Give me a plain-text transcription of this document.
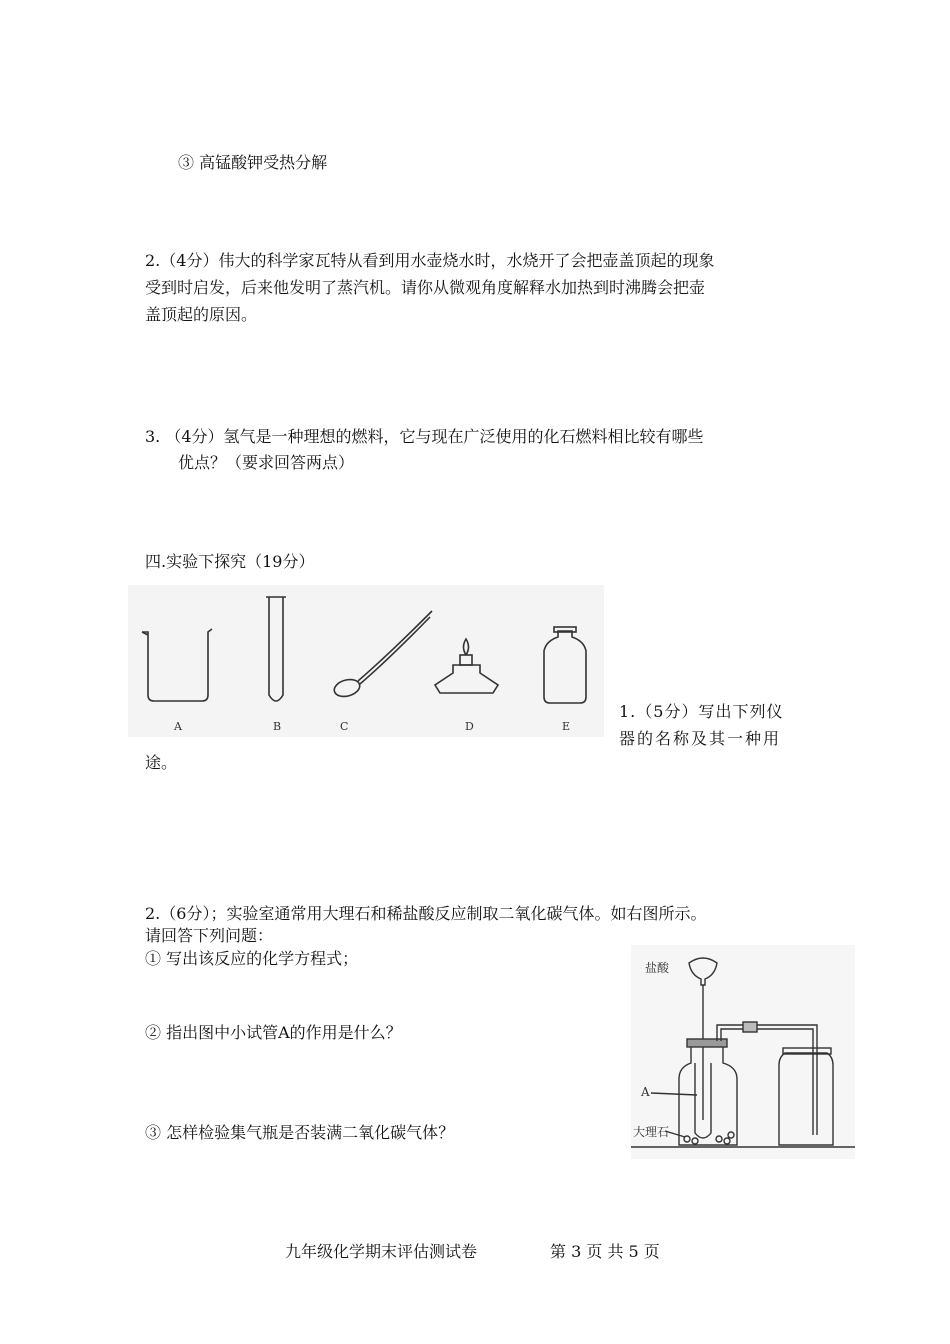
③ 高锰酸钾受热分解
2.（4分）伟大的科学家瓦特从看到用水壶烧水时，水烧开了会把壶盖顶起的现象
受到时启发，后来他发明了蒸汽机。请你从微观角度解释水加热到时沸腾会把壶
盖顶起的原因。
3. （4分）氢气是一种理想的燃料，它与现在广泛使用的化石燃料相比较有哪些
优点？（要求回答两点）
四.实验下探究（19分）
A	B	C	D	E
1.（5分）写出下列仪
器的名称及其一种用
途。
2.（6分）；实验室通常用大理石和稀盐酸反应制取二氧化碳气体。如右图所示。
请回答下列问题：
① 写出该反应的化学方程式；
② 指出图中小试管A的作用是什么？
③ 怎样检验集气瓶是否装满二氧化碳气体？
盐酸
A
大理石
九年级化学期末评估测试卷	第 3 页 共 5 页
